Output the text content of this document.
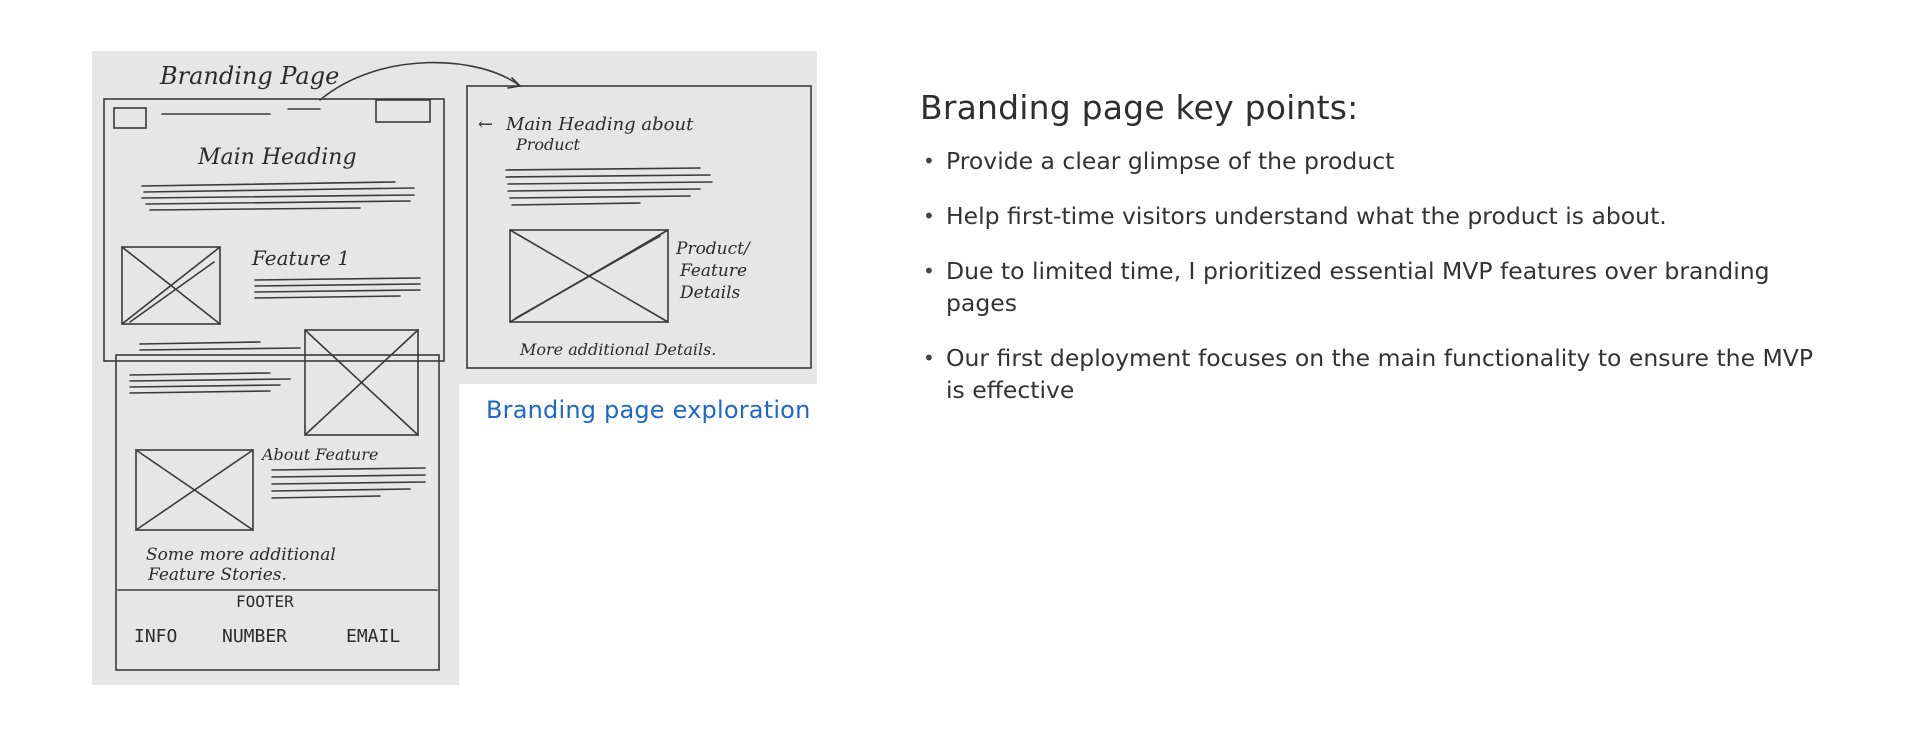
Branding Page
Main Heading
Feature 1
← Main Heading about
Product
Product/
Feature
Details
More additional Details.
About Feature
Some more additional
Feature Stories.
FOOTER
INFO NUMBER	EMAIL
Branding page exploration
Branding page key points:
• Provide a clear glimpse of the product
• Help first-time visitors understand what the product is about.
• Due to limited time, I prioritized essential MVP features over branding pages
• Our first deployment focuses on the main functionality to ensure the MVP is effective
